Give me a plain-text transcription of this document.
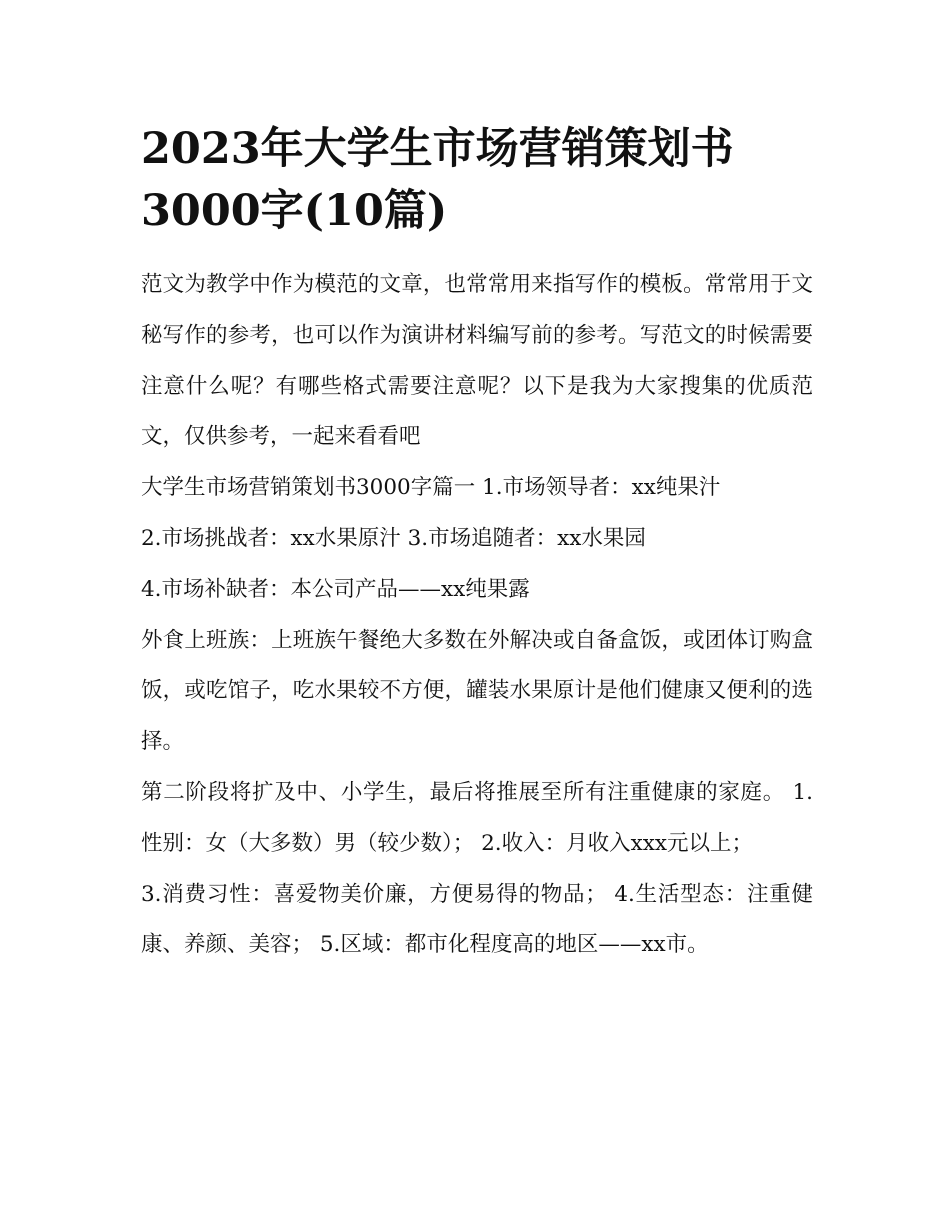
2023年大学生市场营销策划书
3000字(10篇)

范文为教学中作为模范的文章，也常常用来指写作的模板。常常用于文秘写作的参考，也可以作为演讲材料编写前的参考。写范文的时候需要注意什么呢？有哪些格式需要注意呢？以下是我为大家搜集的优质范文，仅供参考，一起来看看吧

大学生市场营销策划书3000字篇一 1.市场领导者：xx纯果汁

2.市场挑战者：xx水果原汁 3.市场追随者：xx水果园

4.市场补缺者：本公司产品——xx纯果露

外食上班族：上班族午餐绝大多数在外解决或自备盒饭，或团体订购盒饭，或吃馆子，吃水果较不方便，罐装水果原计是他们健康又便利的选择。

第二阶段将扩及中、小学生，最后将推展至所有注重健康的家庭。 1.性别：女（大多数）男（较少数）； 2.收入：月收入xxx元以上；

3.消费习性：喜爱物美价廉，方便易得的物品； 4.生活型态：注重健康、养颜、美容； 5.区域：都市化程度高的地区——xx市。
